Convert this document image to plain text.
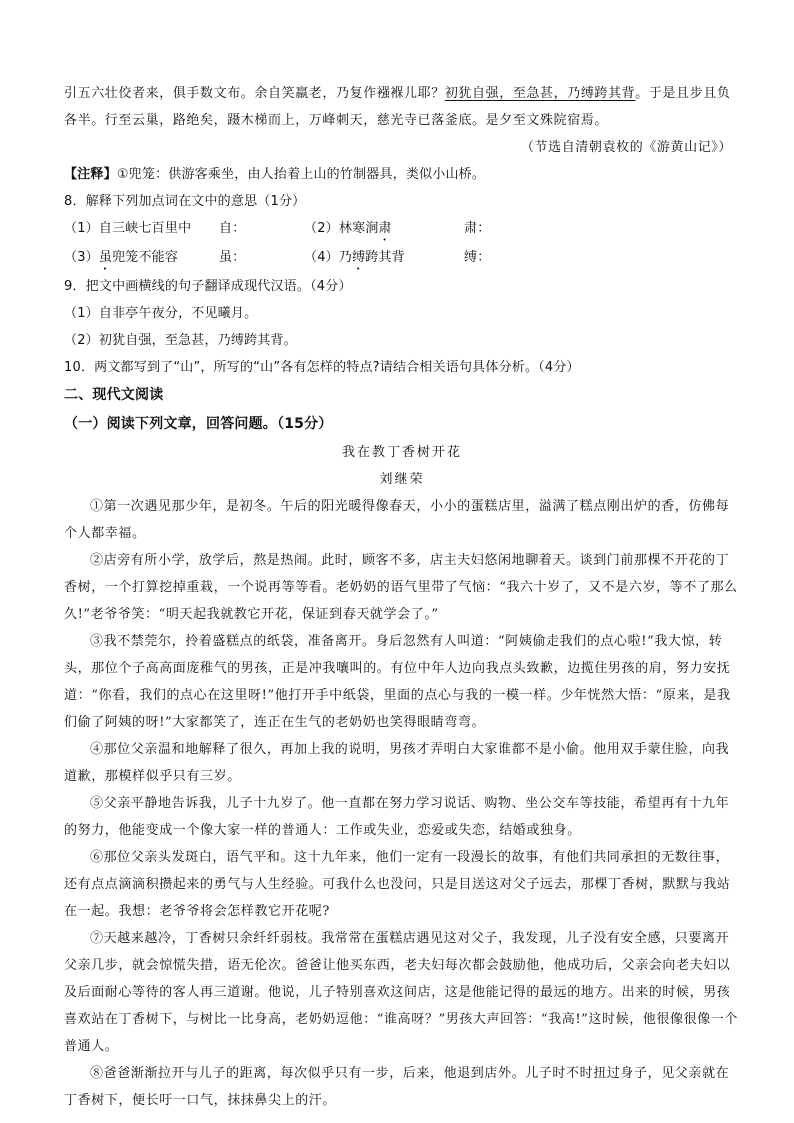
引五六壮佼者来，俱手数文布。余自笑羸老，乃复作襁褓儿耶？初犹自强，至急甚，乃缚跨其背。于是且步且负各半。行至云巢，路绝矣，蹑木梯而上，万峰刺天，慈光寺已落釜底。是夕至文殊院宿焉。

（节选自清朝袁枚的《游黄山记》）

【注释】①兜笼：供游客乘坐，由人抬着上山的竹制器具，类似小山桥。

8．解释下列加点词在文中的意思（1分）

（1）自三峡七百里中	自：	（2）林寒涧肃	肃：
（3）虽兜笼不能容	虽：	（4）乃缚跨其背	缚：

9．把文中画横线的句子翻译成现代汉语。（4分）

（1）自非亭午夜分，不见曦月。

（2）初犹自强，至急甚，乃缚跨其背。

10．两文都写到了“山”，所写的“山”各有怎样的特点?请结合相关语句具体分析。（4分）

二、现代文阅读

（一）阅读下列文章，回答问题。（15分）

我在教丁香树开花

刘继荣

①第一次遇见那少年，是初冬。午后的阳光暖得像春天，小小的蛋糕店里，溢满了糕点刚出炉的香，仿佛每个人都幸福。

②店旁有所小学，放学后，熬是热闹。此时，顾客不多，店主夫妇悠闲地聊着天。谈到门前那棵不开花的丁香树，一个打算挖掉重栽，一个说再等等看。老奶奶的语气里带了气恼：“我六十岁了，又不是六岁，等不了那么久!”老爷爷笑：“明天起我就教它开花，保证到春天就学会了。”

③我不禁莞尔，拎着盛糕点的纸袋，准备离开。身后忽然有人叫道：“阿姨偷走我们的点心啦!”我大惊，转头，那位个子高高面庞稚气的男孩，正是冲我嚷叫的。有位中年人边向我点头致歉，边揽住男孩的肩，努力安抚道：“你看，我们的点心在这里呀!”他打开手中纸袋，里面的点心与我的一模一样。少年恍然大悟：“原来，是我们偷了阿姨的呀!”大家都笑了，连正在生气的老奶奶也笑得眼睛弯弯。

④那位父亲温和地解释了很久，再加上我的说明，男孩才弄明白大家谁都不是小偷。他用双手蒙住脸，向我道歉，那模样似乎只有三岁。

⑤父亲平静地告诉我，儿子十九岁了。他一直都在努力学习说话、购物、坐公交车等技能，希望再有十九年的努力，他能变成一个像大家一样的普通人：工作或失业，恋爱或失恋，结婚或独身。

⑥那位父亲头发斑白，语气平和。这十九年来，他们一定有一段漫长的故事，有他们共同承担的无数往事，还有点点滴滴积攒起来的勇气与人生经验。可我什么也没问，只是目送这对父子远去，那棵丁香树，默默与我站在一起。我想：老爷爷将会怎样教它开花呢?

⑦天越来越冷，丁香树只余纤纤弱枝。我常常在蛋糕店遇见这对父子，我发现，儿子没有安全感，只要离开父亲几步，就会惊慌失措，语无伦次。爸爸让他买东西，老夫妇每次都会鼓励他，他成功后，父亲会向老夫妇以及后面耐心等待的客人再三道谢。他说，儿子特别喜欢这间店，这是他能记得的最远的地方。出来的时候，男孩喜欢站在丁香树下，与树比一比身高，老奶奶逗他：“谁高呀？”男孩大声回答：“我高!”这时候，他很像很像一个普通人。

⑧爸爸渐渐拉开与儿子的距离，每次似乎只有一步，后来，他退到店外。儿子时不时扭过身子，见父亲就在丁香树下，便长吁一口气，抹抹鼻尖上的汗。
